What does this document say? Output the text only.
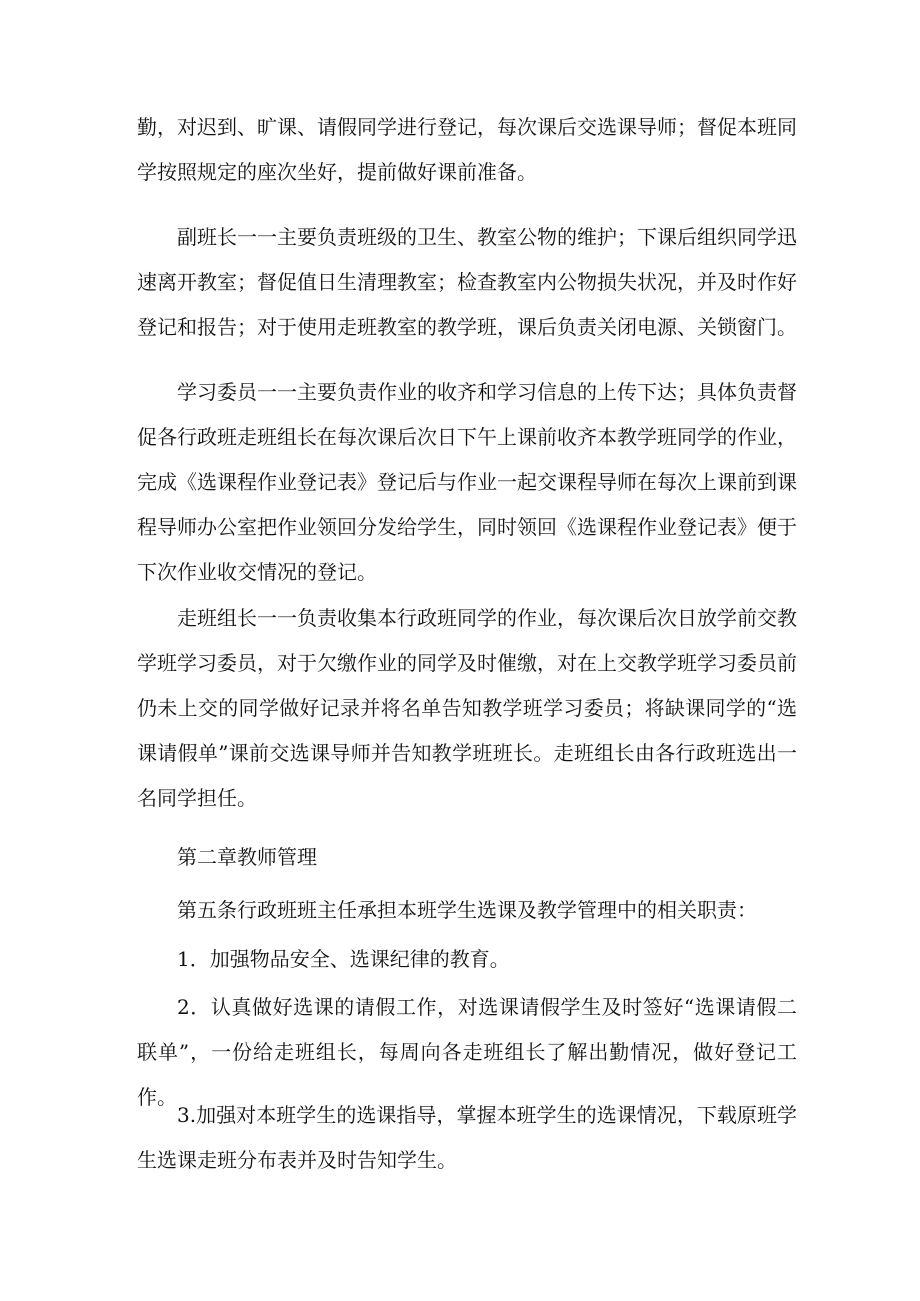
勤，对迟到、旷课、请假同学进行登记，每次课后交选课导师；督促本班同学按照规定的座次坐好，提前做好课前准备。

副班长一一主要负责班级的卫生、教室公物的维护；下课后组织同学迅速离开教室；督促值日生清理教室；检查教室内公物损失状况，并及时作好登记和报告；对于使用走班教室的教学班，课后负责关闭电源、关锁窗门。

学习委员一一主要负责作业的收齐和学习信息的上传下达；具体负责督促各行政班走班组长在每次课后次日下午上课前收齐本教学班同学的作业，完成《选课程作业登记表》登记后与作业一起交课程导师在每次上课前到课程导师办公室把作业领回分发给学生，同时领回《选课程作业登记表》便于下次作业收交情况的登记。

走班组长一一负责收集本行政班同学的作业，每次课后次日放学前交教学班学习委员，对于欠缴作业的同学及时催缴，对在上交教学班学习委员前仍未上交的同学做好记录并将名单告知教学班学习委员；将缺课同学的“选课请假单”课前交选课导师并告知教学班班长。走班组长由各行政班选出一名同学担任。

第二章教师管理

第五条行政班班主任承担本班学生选课及教学管理中的相关职责：

1．加强物品安全、选课纪律的教育。

2．认真做好选课的请假工作，对选课请假学生及时签好“选课请假二联单”，一份给走班组长，每周向各走班组长了解出勤情况，做好登记工作。

3.加强对本班学生的选课指导，掌握本班学生的选课情况，下载原班学生选课走班分布表并及时告知学生。
